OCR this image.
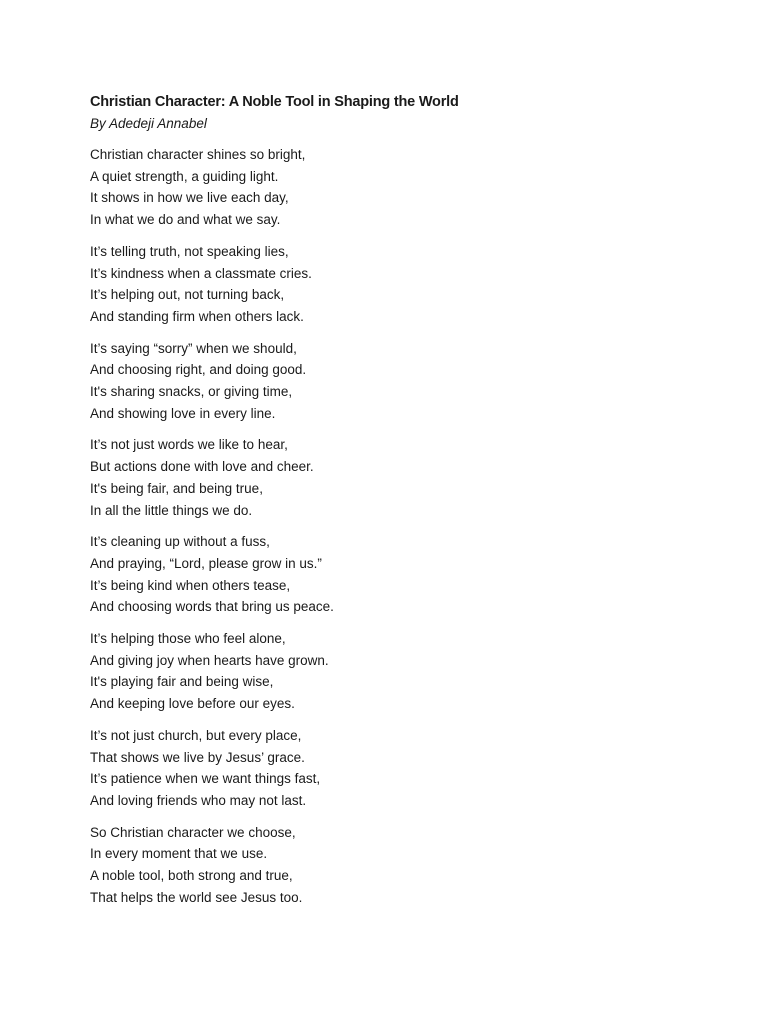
Christian Character: A Noble Tool in Shaping the World

By Adedeji Annabel

Christian character shines so bright,
A quiet strength, a guiding light.
It shows in how we live each day,
In what we do and what we say.
It’s telling truth, not speaking lies,
It’s kindness when a classmate cries.
It’s helping out, not turning back,
And standing firm when others lack.
It’s saying “sorry” when we should,
And choosing right, and doing good.
It's sharing snacks, or giving time,
And showing love in every line.
It’s not just words we like to hear,
But actions done with love and cheer.
It's being fair, and being true,
In all the little things we do.
It’s cleaning up without a fuss,
And praying, “Lord, please grow in us.”
It’s being kind when others tease,
And choosing words that bring us peace.
It’s helping those who feel alone,
And giving joy when hearts have grown.
It's playing fair and being wise,
And keeping love before our eyes.
It’s not just church, but every place,
That shows we live by Jesus’ grace.
It’s patience when we want things fast,
And loving friends who may not last.
So Christian character we choose,
In every moment that we use.
A noble tool, both strong and true,
That helps the world see Jesus too.
